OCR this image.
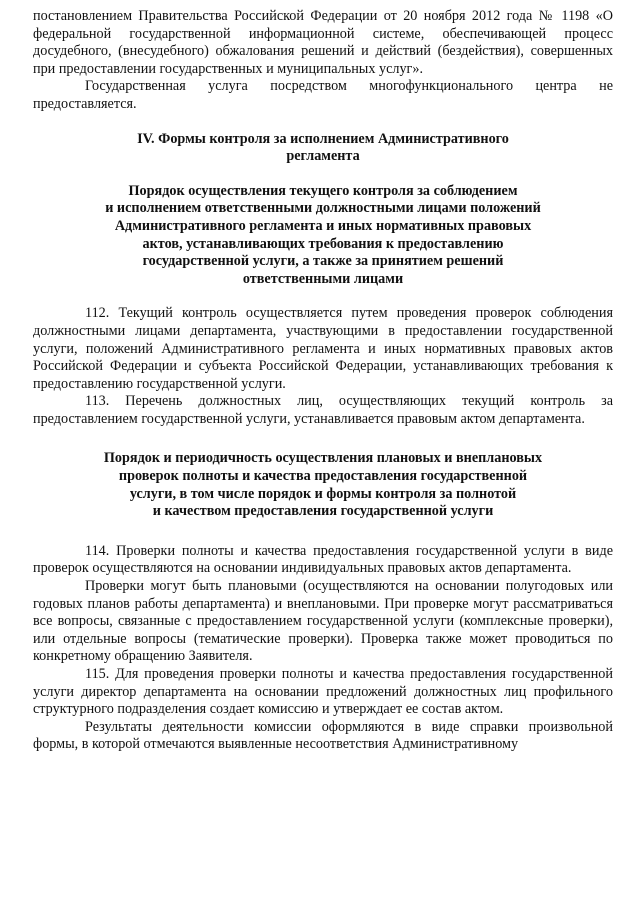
постановлением Правительства Российской Федерации от 20 ноября 2012 года № 1198 «О федеральной государственной информационной системе, обеспечивающей процесс досудебного, (внесудебного) обжалования решений и действий (бездействия), совершенных при предоставлении государственных и муниципальных услуг».

Государственная услуга посредством многофункционального центра не предоставляется.

IV. Формы контроля за исполнением Административного
регламента

Порядок осуществления текущего контроля за соблюдением
и исполнением ответственными должностными лицами положений
Административного регламента и иных нормативных правовых
актов, устанавливающих требования к предоставлению
государственной услуги, а также за принятием решений
ответственными лицами

112. Текущий контроль осуществляется путем проведения проверок соблюдения должностными лицами департамента, участвующими в предоставлении государственной услуги, положений Административного регламента и иных нормативных правовых актов Российской Федерации и субъекта Российской Федерации, устанавливающих требования к предоставлению государственной услуги.

113. Перечень должностных лиц, осуществляющих текущий контроль за предоставлением государственной услуги, устанавливается правовым актом департамента.

Порядок и периодичность осуществления плановых и внеплановых
проверок полноты и качества предоставления государственной
услуги, в том числе порядок и формы контроля за полнотой
и качеством предоставления государственной услуги

114. Проверки полноты и качества предоставления государственной услуги в виде проверок осуществляются на основании индивидуальных правовых актов департамента.

Проверки могут быть плановыми (осуществляются на основании полугодовых или годовых планов работы департамента) и внеплановыми. При проверке могут рассматриваться все вопросы, связанные с предоставлением государственной услуги (комплексные проверки), или отдельные вопросы (тематические проверки). Проверка также может проводиться по конкретному обращению Заявителя.

115. Для проведения проверки полноты и качества предоставления государственной услуги директор департамента на основании предложений должностных лиц профильного структурного подразделения создает комиссию и утверждает ее состав актом.

Результаты деятельности комиссии оформляются в виде справки произвольной формы, в которой отмечаются выявленные несоответствия Административному
